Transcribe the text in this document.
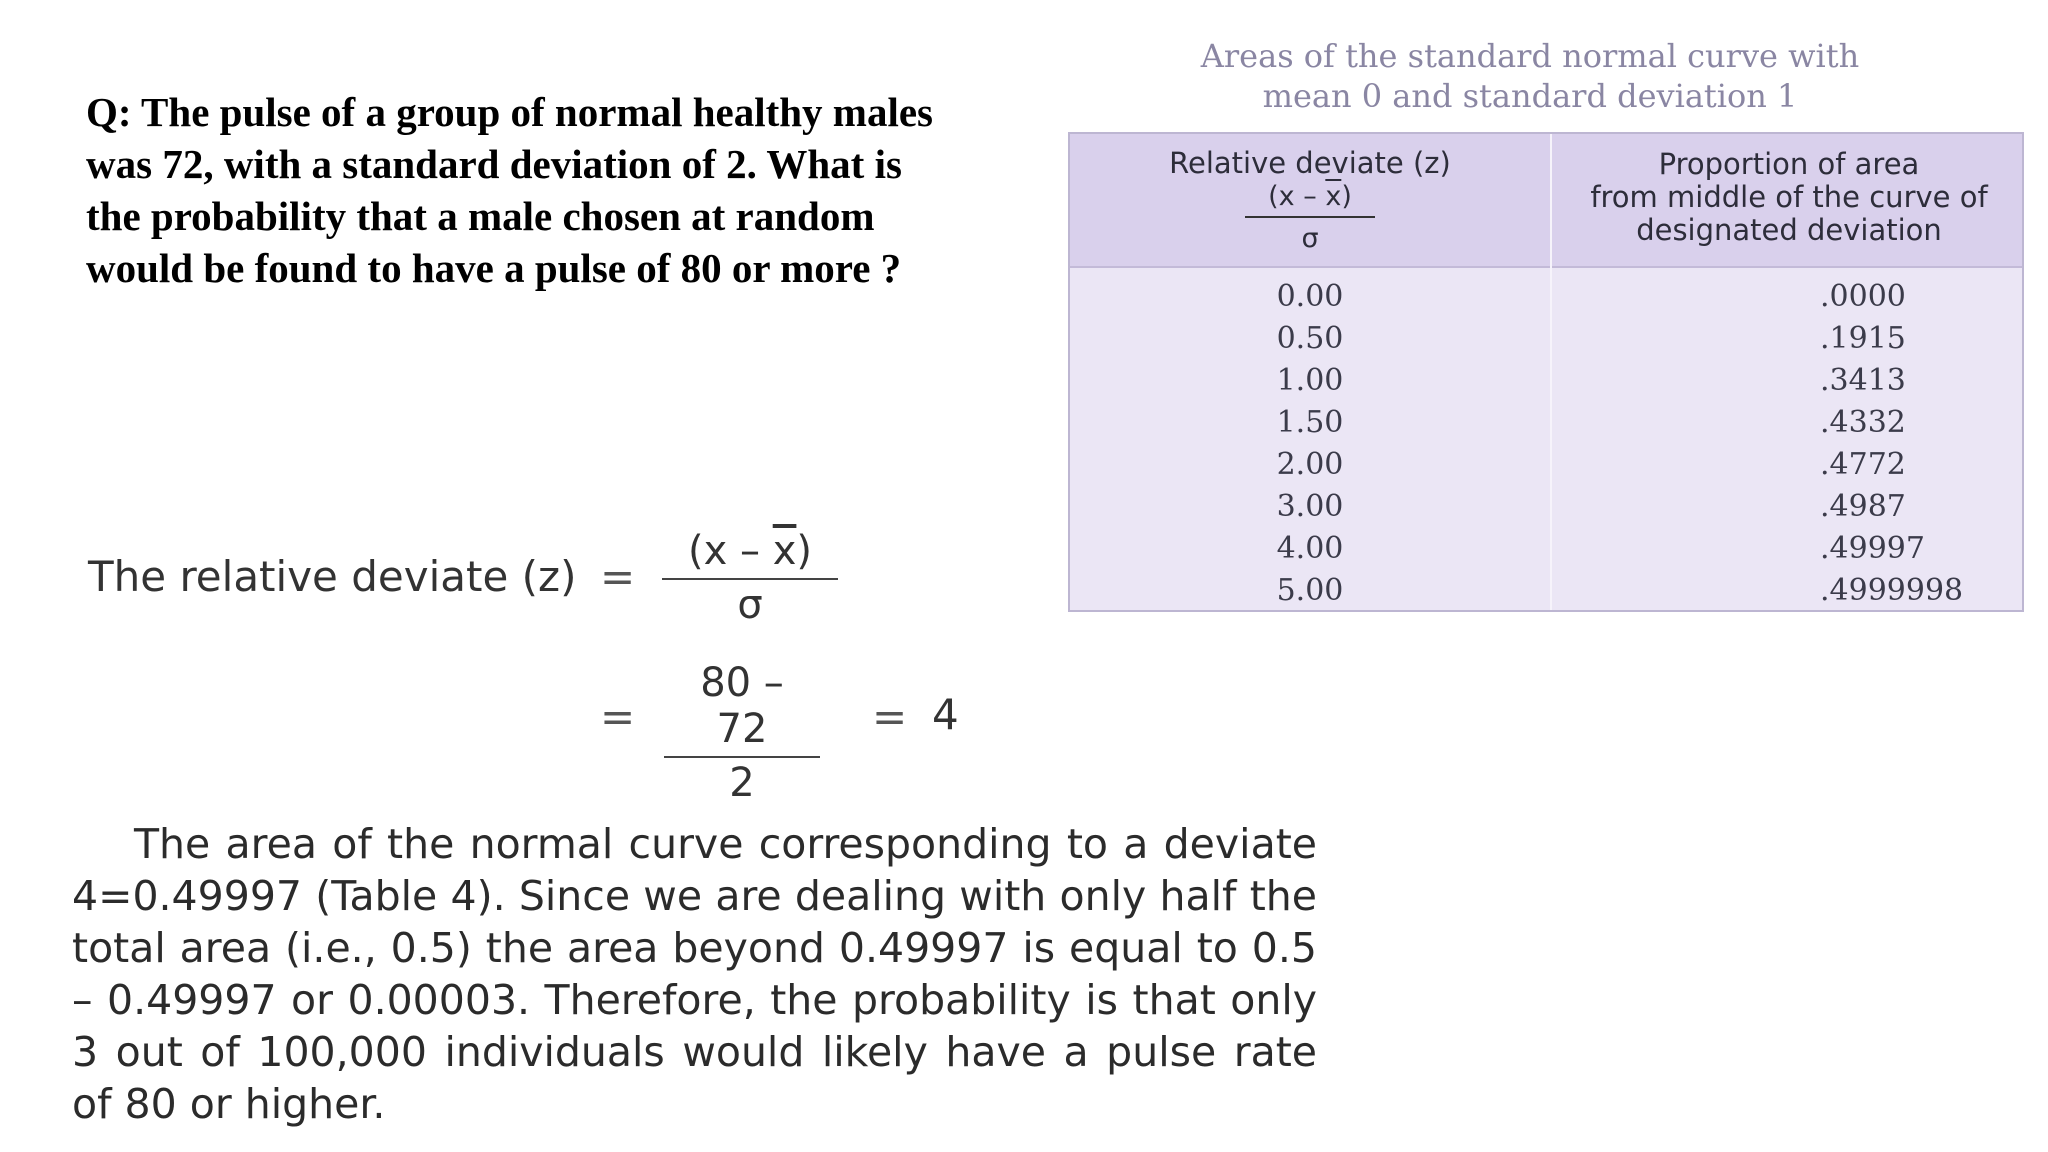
Q: The pulse of a group of normal healthy males was 72, with a standard deviation of 2. What is the probability that a male chosen at random would be found to have a pulse of 80 or more ?

The relative deviate (z) =
$(x - \overline{x})$
σ
=
80 – 72
2
= 4

The area of the normal curve corresponding to a deviate 4=0.49997 (Table 4). Since we are dealing with only half the total area (i.e., 0.5) the area beyond 0.49997 is equal to 0.5 – 0.49997 or 0.00003. Therefore, the probability is that only 3 out of 100,000 individuals would likely have a pulse rate of 80 or higher.

Areas of the standard normal curve with
mean 0 and standard deviation 1
Relative deviate (z)
$(x - \overline{x})$
σ
Proportion of area
from middle of the curve of
designated deviation
0.00
0.50
1.00
1.50
2.00
3.00
4.00
5.00
.0000
.1915
.3413
.4332
.4772
.4987
.49997
.4999998
